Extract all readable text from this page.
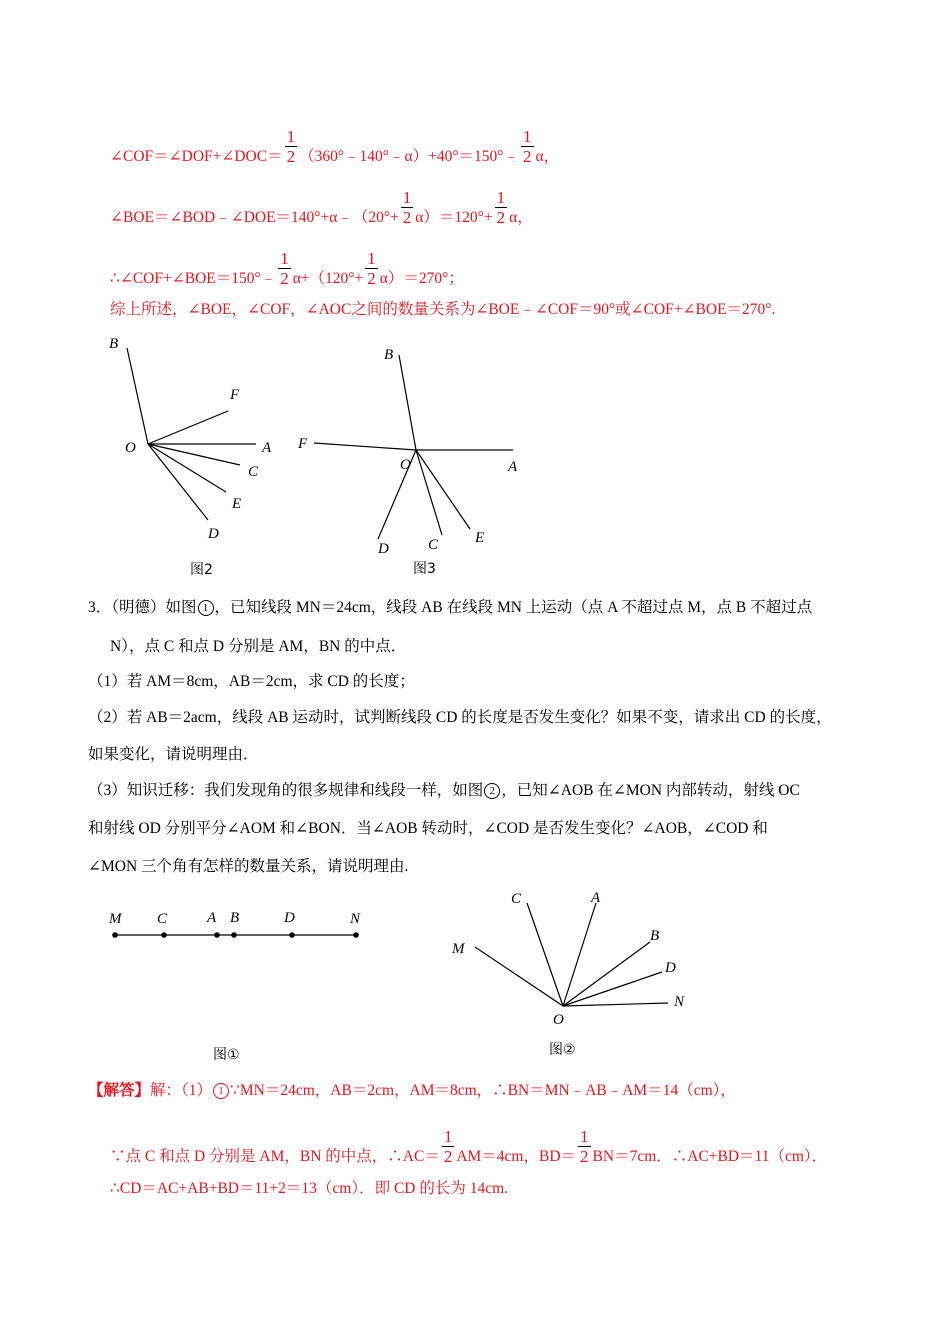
∠COF＝∠DOF+∠DOC＝ $\frac{1}{2}$ （360°﹣140°﹣α）+40°＝150°﹣ $\frac{1}{2}$ α，
∠BOE＝∠BOD﹣∠DOE＝140°+α﹣（20°+ $\frac{1}{2} \alpha)=120^\circ+ \frac{1}{2}$ α，
∴∠COF+∠BOE＝150°﹣ $\frac{1}{2} \alpha+(120^\circ+ \frac{1}{2} \alpha)=270^\circ$；
综上所述，∠BOE，∠COF，∠AOC之间的数量关系为∠BOE﹣∠COF＝90°或∠COF+∠BOE＝270°.
B
F
O	A
C
E
D
图2
B
F
O	A
D	C E
图3
3．（明德）如图 1 ，已知线段 MN＝24cm，线段 AB 在线段 MN 上运动（点 A 不超过点 M，点 B 不超过点
N），点 C 和点 D 分别是 AM，BN 的中点．
（1）若 AM＝8cm，AB＝2cm，求 CD 的长度；
（2）若 AB＝2acm，线段 AB 运动时，试判断线段 CD 的长度是否发生变化？如果不变，请求出 CD 的长度，
如果变化，请说明理由．
（3）知识迁移：我们发现角的很多规律和线段一样，如图 2 ，已知∠AOB 在∠MON 内部转动，射线 OC
和射线 OD 分别平分∠AOM 和∠BON．当∠AOB 转动时，∠COD 是否发生变化？∠AOB，∠COD 和
∠MON 三个角有怎样的数量关系，请说明理由.
M C	A B	D	N
图①
C	A
M
B
D
N
O
图②
【解答】解：（1） 1 ∵MN＝24cm，AB＝2cm，AM＝8cm，∴BN＝MN﹣AB﹣AM＝14（cm），
∵点 C 和点 D 分别是 AM，BN 的中点，∴AC＝ $\frac{1}{2} AM=4cm$，$BD= \frac{1}{2} BN=7cm$．∴AC+BD＝11（cm）．
∴CD＝AC+AB+BD＝11+2＝13（cm）．即 CD 的长为 14cm.
